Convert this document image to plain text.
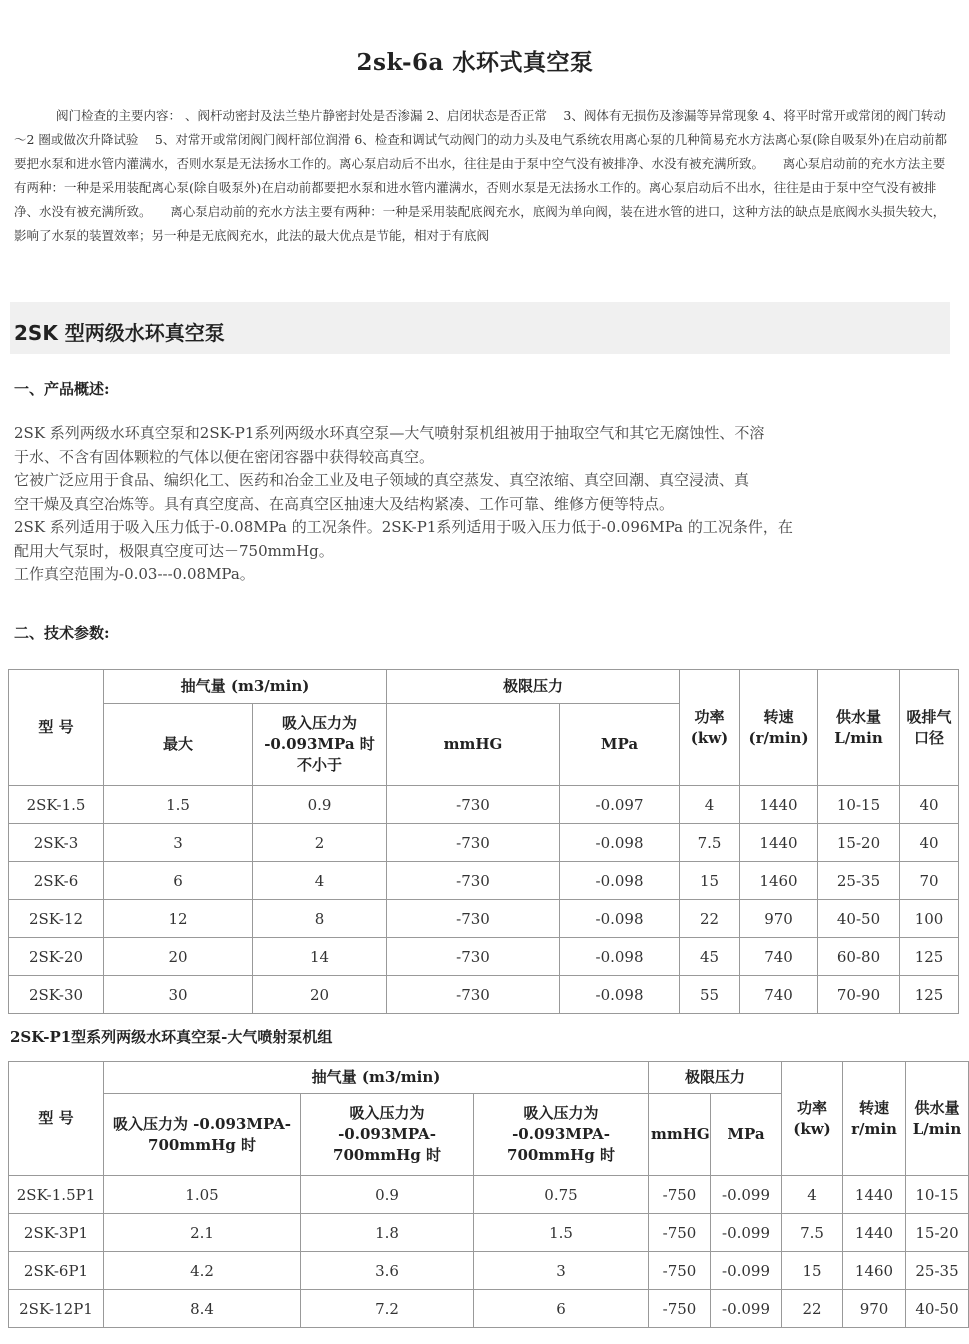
2sk-6a 水环式真空泵
阀门检查的主要内容： 、阀杆动密封及法兰垫片静密封处是否渗漏 2、启闭状态是否正常　 3、阀体有无损伤及渗漏等异常现象 4、将平时常开或常闭的阀门转动～2 圈或做次升降试验　 5、对常开或常闭阀门阀杆部位润滑 6、检查和调试气动阀门的动力头及电气系统农用离心泵的几种简易充水方法离心泵(除自吸泵外)在启动前都要把水泵和进水管内灌满水，否则水泵是无法扬水工作的。离心泵启动后不出水，往往是由于泵中空气没有被排净、水没有被充满所致。　　离心泵启动前的充水方法主要有两种：一种是采用装配离心泵(除自吸泵外)在启动前都要把水泵和进水管内灌满水，否则水泵是无法扬水工作的。离心泵启动后不出水，往往是由于泵中空气没有被排净、水没有被充满所致。　　离心泵启动前的充水方法主要有两种：一种是采用装配底阀充水，底阀为单向阀，装在进水管的进口，这种方法的缺点是底阀水头损失较大，影响了水泵的装置效率；另一种是无底阀充水，此法的最大优点是节能，相对于有底阀
2SK 型两级水环真空泵
一、产品概述:
2SK 系列两级水环真空泵和2SK-P1系列两级水环真空泵—大气喷射泵机组被用于抽取空气和其它无腐蚀性、不溶
于水、不含有固体颗粒的气体以便在密闭容器中获得较高真空。
它被广泛应用于食品、编织化工、医药和冶金工业及电子领域的真空蒸发、真空浓缩、真空回潮、真空浸渍、真
空干燥及真空冶炼等。具有真空度高、在高真空区抽速大及结构紧凑、工作可靠、维修方便等特点。
2SK 系列适用于吸入压力低于-0.08MPa 的工况条件。2SK-P1系列适用于吸入压力低于-0.096MPa 的工况条件，在
配用大气泵时，极限真空度可达－750mmHg。
工作真空范围为-0.03---0.08MPa。
二、技术参数:
型 号	抽气量 (m3/min)		极限压力		功率 (kw)	转速 (r/min)	供水量 L/min	吸排气口径
	最大	吸入压力为 -0.093MPa 时 不小于	mmHG	MPa				
2SK-1.5	1.5	0.9	-730	-0.097	4	1440	10-15	40
2SK-3	3	2	-730	-0.098	7.5	1440	15-20	40
2SK-6	6	4	-730	-0.098	15	1460	25-35	70
2SK-12	12	8	-730	-0.098	22	970	40-50	100
2SK-20	20	14	-730	-0.098	45	740	60-80	125
2SK-30	30	20	-730	-0.098	55	740	70-90	125
2SK-P1型系列两级水环真空泵-大气喷射泵机组
型 号	抽气量 (m3/min)			极限压力		功率 (kw)	转速 r/min	供水量 L/min
	吸入压力为 -0.093MPA-700mmHg 时	吸入压力为 -0.093MPA-700mmHg 时	吸入压力为 -0.093MPA-700mmHg 时	mmHG	MPa			
2SK-1.5P1	1.05	0.9	0.75	-750	-0.099	4	1440	10-15
2SK-3P1	2.1	1.8	1.5	-750	-0.099	7.5	1440	15-20
2SK-6P1	4.2	3.6	3	-750	-0.099	15	1460	25-35
2SK-12P1	8.4	7.2	6	-750	-0.099	22	970	40-50
